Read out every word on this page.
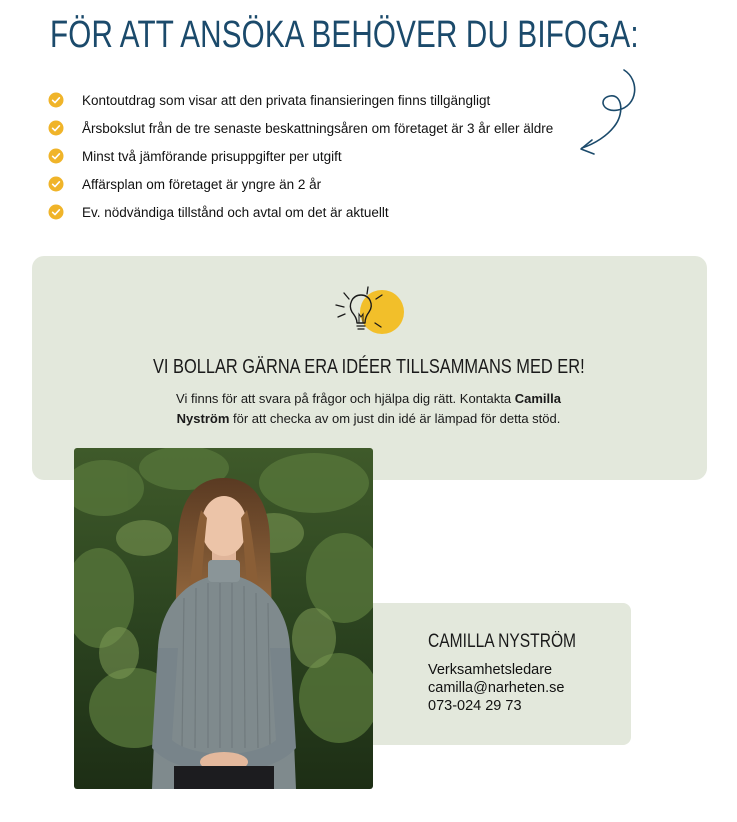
FÖR ATT ANSÖKA BEHÖVER DU BIFOGA:
Kontoutdrag som visar att den privata finansieringen finns tillgängligt
Årsbokslut från de tre senaste beskattningsåren om företaget är 3 år eller äldre
Minst två jämförande prisuppgifter per utgift
Affärsplan om företaget är yngre än 2 år
Ev. nödvändiga tillstånd och avtal om det är aktuellt
VI BOLLAR GÄRNA ERA IDÉER TILLSAMMANS MED ER!

Vi finns för att svara på frågor och hjälpa dig rätt. Kontakta Camilla Nyström för att checka av om just din idé är lämpad för detta stöd.

CAMILLA NYSTRÖM
Verksamhetsledare
camilla@narheten.se
073-024 29 73
